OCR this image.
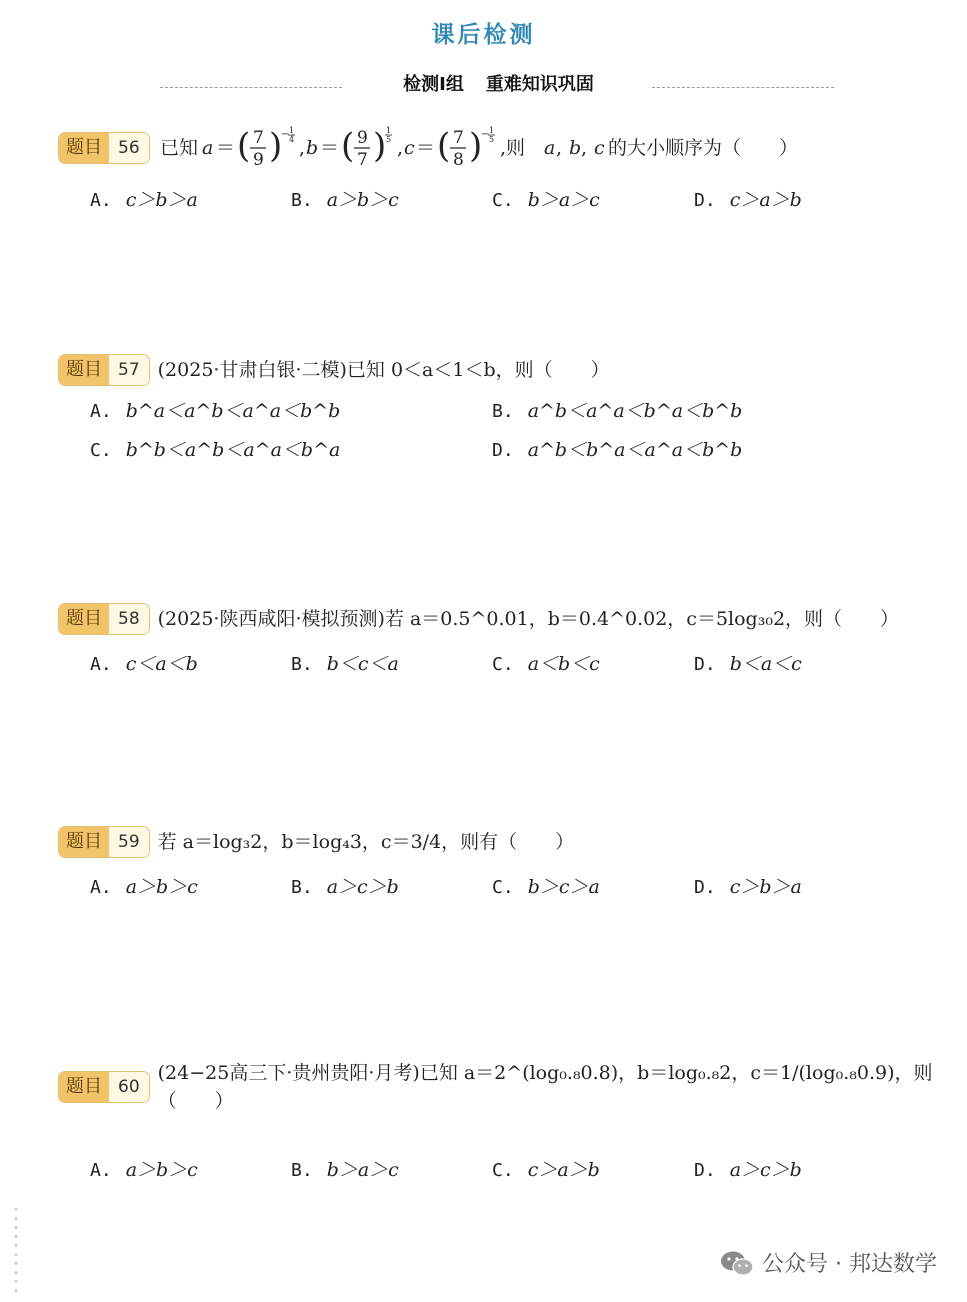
课后检测
检测Ⅰ组 重难知识巩固
题目 56	已知 a ＝ ( 7
9 )
− 1
4 , b ＝ ( 9
7 ) 1
5 , c ＝ ( 7
8 )
− 1
5 ,则 a , b , c 的大小顺序为（　　）
A. c＞b＞a	B. a＞b＞c	C. b＞a＞c	D. c＞a＞b
题目 57 (2025·甘肃白银·二模)已知 0＜a＜1＜b，则（　　）
A. b^a＜a^b＜a^a＜b^b	B. a^b＜a^a＜b^a＜b^b
C. b^b＜a^b＜a^a＜b^a	D. a^b＜b^a＜a^a＜b^b
题目 58 (2025·陕西咸阳·模拟预测)若 a＝0.5^0.01，b＝0.4^0.02，c＝5log₃₀2，则（　　）
A. c＜a＜b	B. b＜c＜a	C. a＜b＜c	D. b＜a＜c
题目 59 若 a＝log₃2，b＝log₄3，c＝3/4，则有（　　）
A. a＞b＞c	B. a＞c＞b	C. b＞c＞a	D. c＞b＞a
题目 60
(24−25高三下·贵州贵阳·月考)已知 a＝2^(log₀.₈0.8)，b＝log₀.₈2，c＝1/(log₀.₈0.9)，则（　　）
A. a＞b＞c	B. b＞a＞c	C. c＞a＞b	D. a＞c＞b
公众号 · 邦达数学
